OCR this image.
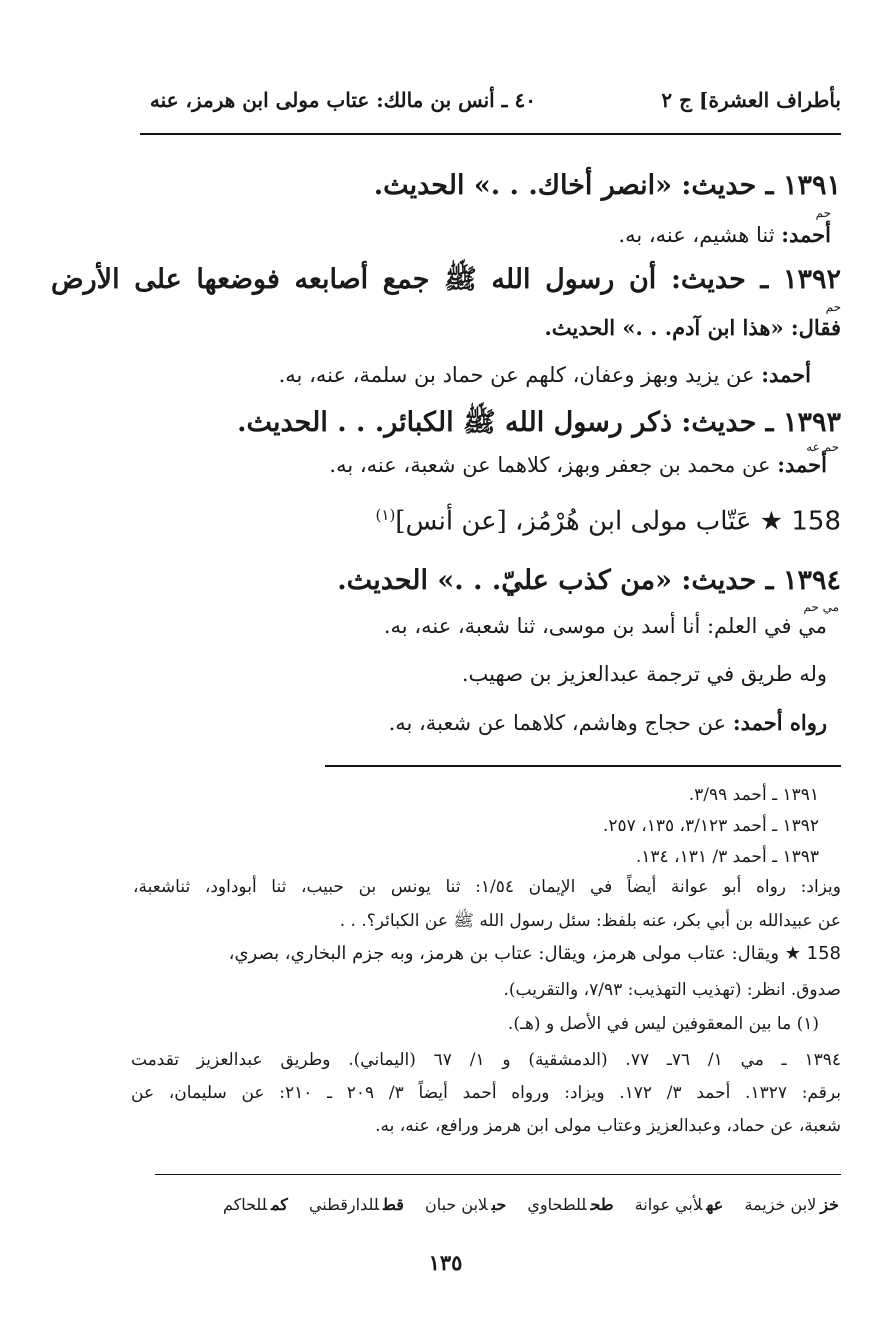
بأطراف العشرة] ج ٢
٤٠ ـ أنس بن مالك: عتاب مولى ابن هرمز، عنه
١٣٩١ ـ حديث: «انصر أخاك. . .» الحديث.
حم
أحمد: ثنا هشيم، عنه، به.
١٣٩٢ ـ حديث: أن رسول الله ﷺ جمع أصابعه فوضعها على الأرض
حم
فقال: «هذا ابن آدم. . .» الحديث.
أحمد: عن يزيد وبهز وعفان، كلهم عن حماد بن سلمة، عنه، به.
١٣٩٣ ـ حديث: ذكر رسول الله ﷺ الكبائر. . . الحديث.
حم عه
أحمد: عن محمد بن جعفر وبهز، كلاهما عن شعبة، عنه، به.
158 ★ عَتّاب مولى ابن هُرْمُز، [عن أنس]$^{(١)}$
١٣٩٤ ـ حديث: «من كذب عليّ. . .» الحديث.
مي حم
مي في العلم: أنا أسد بن موسى، ثنا شعبة، عنه، به.
وله طريق في ترجمة عبدالعزيز بن صهيب.
رواه أحمد: عن حجاج وهاشم، كلاهما عن شعبة، به.
١٣٩١ ـ أحمد ٣/٩٩.
١٣٩٢ ـ أحمد ٣/١٢٣، ١٣٥، ٢٥٧.
١٣٩٣ ـ أحمد ٣/ ١٣١، ١٣٤.
ويزاد: رواه أبو عوانة أيضاً في الإيمان ١/٥٤: ثنا يونس بن حبيب، ثنا أبوداود، ثناشعبة،
عن عبيدالله بن أبي بكر، عنه بلفظ: سئل رسول الله ﷺ عن الكبائر؟. . .
158 ★ ويقال: عتاب مولى هرمز، ويقال: عتاب بن هرمز، وبه جزم البخاري، بصري،
صدوق. انظر: (تهذيب التهذيب: ٧/٩٣، والتقريب).
(١) ما بين المعقوفين ليس في الأصل و (هـ).
١٣٩٤ ـ مي ١/ ٧٦ـ ٧٧. (الدمشقية) و ١/ ٦٧ (اليماني). وطريق عبدالعزيز تقدمت
برقم: ١٣٢٧. أحمد ٣/ ١٧٢. ويزاد: ورواه أحمد أيضاً ٣/ ٢٠٩ ـ ٢١٠: عن سليمان، عن
شعبة، عن حماد، وعبدالعزيز وعتاب مولى ابن هرمز ورافع، عنه، به.
خزلابن خزيمة عهلأبي عوانة طحللطحاوي حبلابن حبان قطللدارقطني كمللحاكم
١٣٥
